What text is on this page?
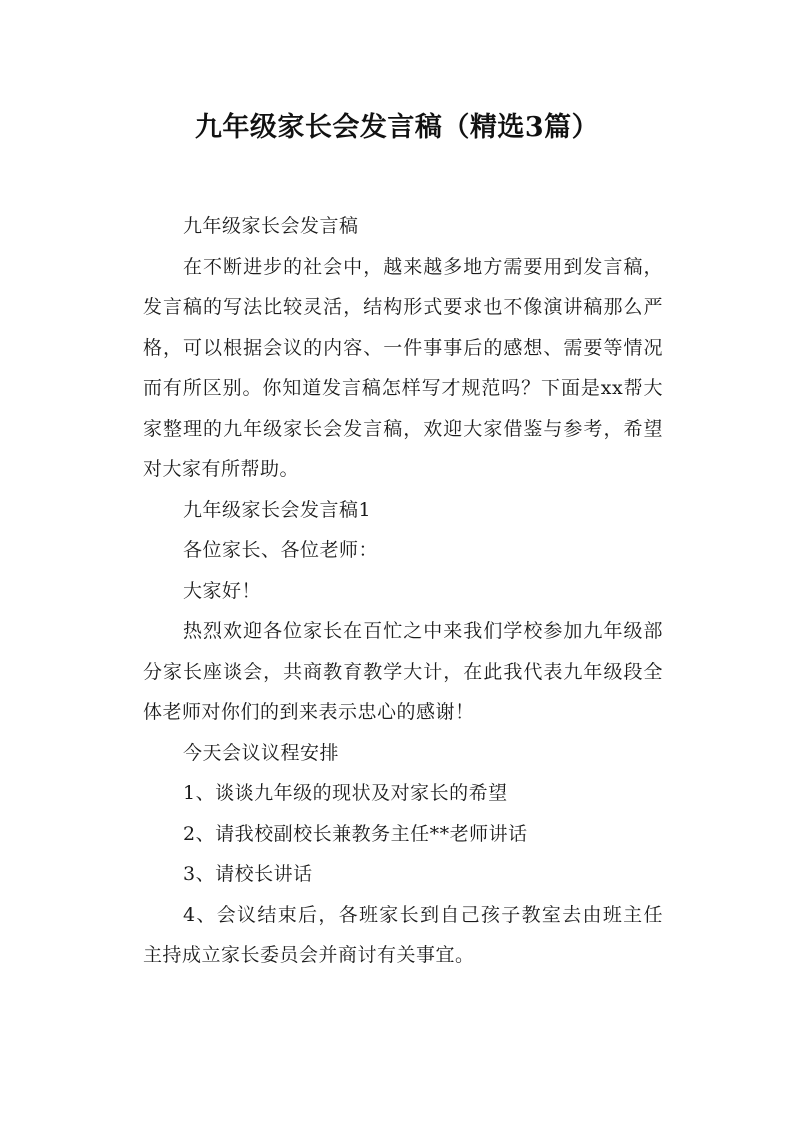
九年级家长会发言稿（精选3篇）

九年级家长会发言稿

在不断进步的社会中，越来越多地方需要用到发言稿，发言稿的写法比较灵活，结构形式要求也不像演讲稿那么严格，可以根据会议的内容、一件事事后的感想、需要等情况而有所区别。你知道发言稿怎样写才规范吗？下面是xx帮大家整理的九年级家长会发言稿，欢迎大家借鉴与参考，希望对大家有所帮助。

九年级家长会发言稿1

各位家长、各位老师：

大家好！

热烈欢迎各位家长在百忙之中来我们学校参加九年级部分家长座谈会，共商教育教学大计，在此我代表九年级段全体老师对你们的到来表示忠心的感谢！

今天会议议程安排

1、谈谈九年级的现状及对家长的希望

2、请我校副校长兼教务主任**老师讲话

3、请校长讲话

4、会议结束后，各班家长到自己孩子教室去由班主任主持成立家长委员会并商讨有关事宜。
